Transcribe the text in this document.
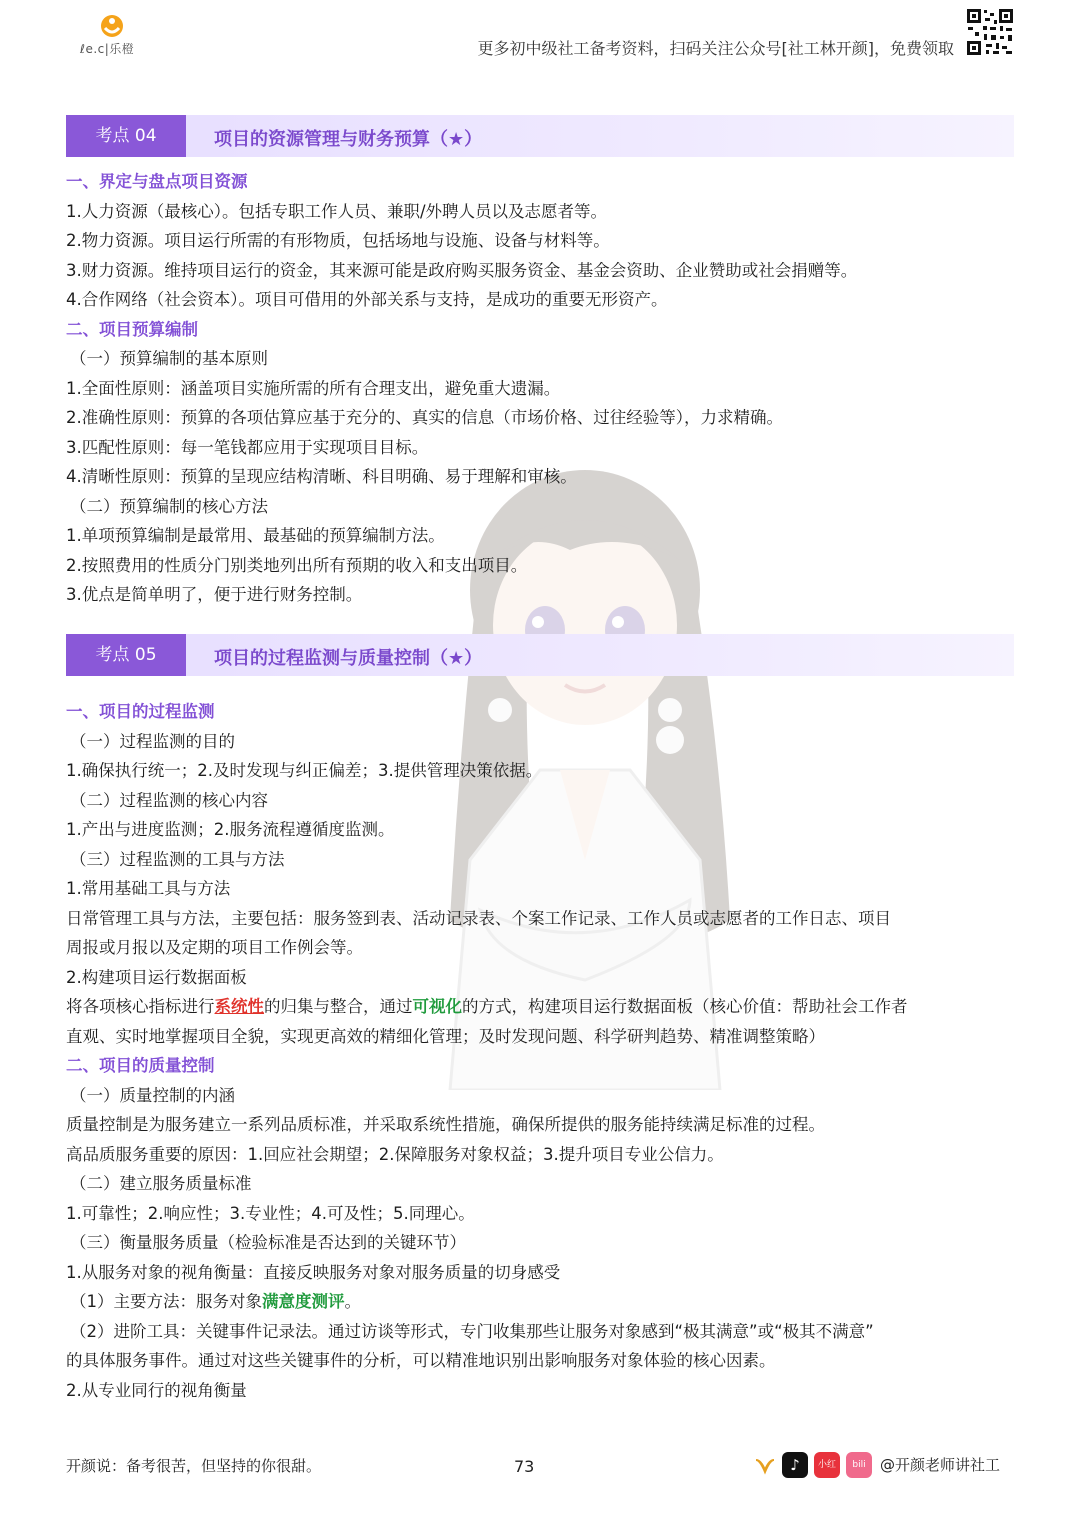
ℓe.c|乐橙	更多初中级社工备考资料，扫码关注公众号[社工林开颜]，免费领取
考点 04	项目的资源管理与财务预算（★）
一、界定与盘点项目资源
1.人力资源（最核心）。包括专职工作人员、兼职/外聘人员以及志愿者等。
2.物力资源。项目运行所需的有形物质，包括场地与设施、设备与材料等。
3.财力资源。维持项目运行的资金，其来源可能是政府购买服务资金、基金会资助、企业赞助或社会捐赠等。
4.合作网络（社会资本）。项目可借用的外部关系与支持，是成功的重要无形资产。
二、项目预算编制
（一）预算编制的基本原则
1.全面性原则：涵盖项目实施所需的所有合理支出，避免重大遗漏。
2.准确性原则：预算的各项估算应基于充分的、真实的信息（市场价格、过往经验等），力求精确。
3.匹配性原则：每一笔钱都应用于实现项目目标。
4.清晰性原则：预算的呈现应结构清晰、科目明确、易于理解和审核。
（二）预算编制的核心方法
1.单项预算编制是最常用、最基础的预算编制方法。
2.按照费用的性质分门别类地列出所有预期的收入和支出项目。
3.优点是简单明了，便于进行财务控制。
考点 05	项目的过程监测与质量控制（★）
一、项目的过程监测
（一）过程监测的目的
1.确保执行统一；2.及时发现与纠正偏差；3.提供管理决策依据。
（二）过程监测的核心内容
1.产出与进度监测；2.服务流程遵循度监测。
（三）过程监测的工具与方法
1.常用基础工具与方法
日常管理工具与方法，主要包括：服务签到表、活动记录表、个案工作记录、工作人员或志愿者的工作日志、项目
周报或月报以及定期的项目工作例会等。
2.构建项目运行数据面板
将各项核心指标进行系统性的归集与整合，通过可视化的方式，构建项目运行数据面板（核心价值：帮助社会工作者
直观、实时地掌握项目全貌，实现更高效的精细化管理；及时发现问题、科学研判趋势、精准调整策略）
二、项目的质量控制
（一）质量控制的内涵
质量控制是为服务建立一系列品质标准，并采取系统性措施，确保所提供的服务能持续满足标准的过程。
高品质服务重要的原因：1.回应社会期望；2.保障服务对象权益；3.提升项目专业公信力。
（二）建立服务质量标准
1.可靠性；2.响应性；3.专业性；4.可及性；5.同理心。
（三）衡量服务质量（检验标准是否达到的关键环节）
1.从服务对象的视角衡量：直接反映服务对象对服务质量的切身感受
（1）主要方法：服务对象满意度测评。
（2）进阶工具：关键事件记录法。通过访谈等形式，专门收集那些让服务对象感到“极其满意”或“极其不满意”
的具体服务事件。通过对这些关键事件的分析，可以精准地识别出影响服务对象体验的核心因素。
2.从专业同行的视角衡量
开颜说：备考很苦，但坚持的你很甜。	73	♪	小红书
bili @开颜老师讲社工
